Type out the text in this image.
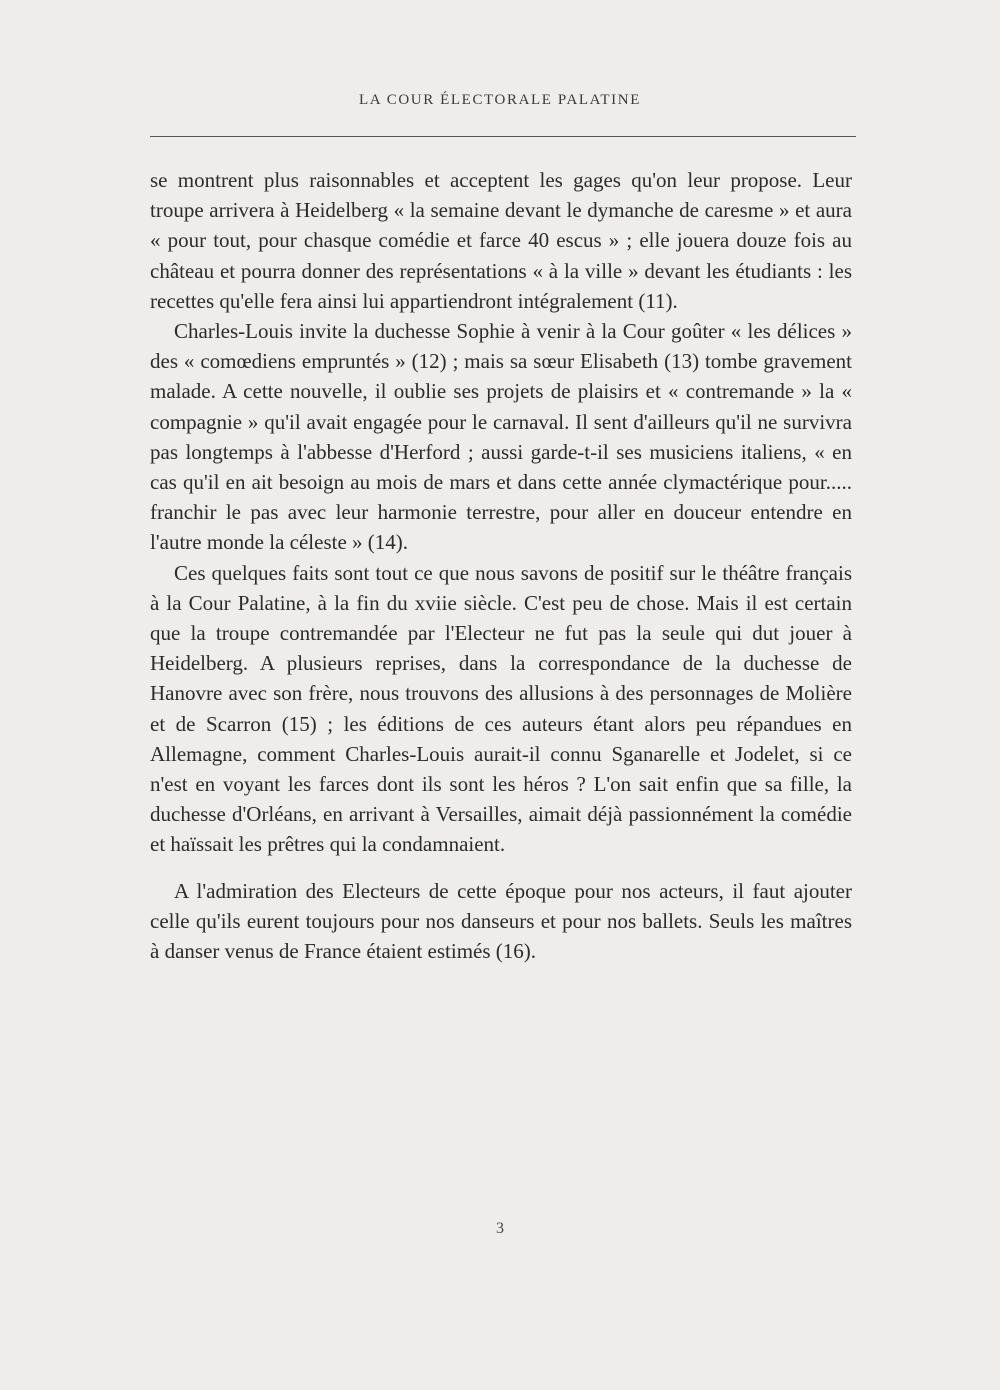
LA COUR ÉLECTORALE PALATINE

se montrent plus raisonnables et acceptent les gages qu'on leur propose. Leur troupe arrivera à Heidelberg « la semaine devant le dymanche de caresme » et aura « pour tout, pour chasque comédie et farce 40 escus » ; elle jouera douze fois au château et pourra donner des représentations « à la ville » devant les étudiants : les recettes qu'elle fera ainsi lui appartiendront intégralement (11).

Charles-Louis invite la duchesse Sophie à venir à la Cour goûter « les délices » des « comœdiens empruntés » (12) ; mais sa sœur Elisabeth (13) tombe gravement malade. A cette nouvelle, il oublie ses projets de plaisirs et « contremande » la « compagnie » qu'il avait engagée pour le carnaval. Il sent d'ailleurs qu'il ne survivra pas longtemps à l'abbesse d'Herford ; aussi garde-t-il ses musiciens italiens, « en cas qu'il en ait besoign au mois de mars et dans cette année clymactérique pour..... franchir le pas avec leur harmonie terrestre, pour aller en douceur entendre en l'autre monde la céleste » (14).

Ces quelques faits sont tout ce que nous savons de positif sur le théâtre français à la Cour Palatine, à la fin du xviie siècle. C'est peu de chose. Mais il est certain que la troupe contremandée par l'Electeur ne fut pas la seule qui dut jouer à Heidelberg. A plusieurs reprises, dans la correspondance de la duchesse de Hanovre avec son frère, nous trouvons des allusions à des personnages de Molière et de Scarron (15) ; les éditions de ces auteurs étant alors peu répandues en Allemagne, comment Charles-Louis aurait-il connu Sganarelle et Jodelet, si ce n'est en voyant les farces dont ils sont les héros ? L'on sait enfin que sa fille, la duchesse d'Orléans, en arrivant à Versailles, aimait déjà passionnément la comédie et haïssait les prêtres qui la condamnaient.

A l'admiration des Electeurs de cette époque pour nos acteurs, il faut ajouter celle qu'ils eurent toujours pour nos danseurs et pour nos ballets. Seuls les maîtres à danser venus de France étaient estimés (16).

3
